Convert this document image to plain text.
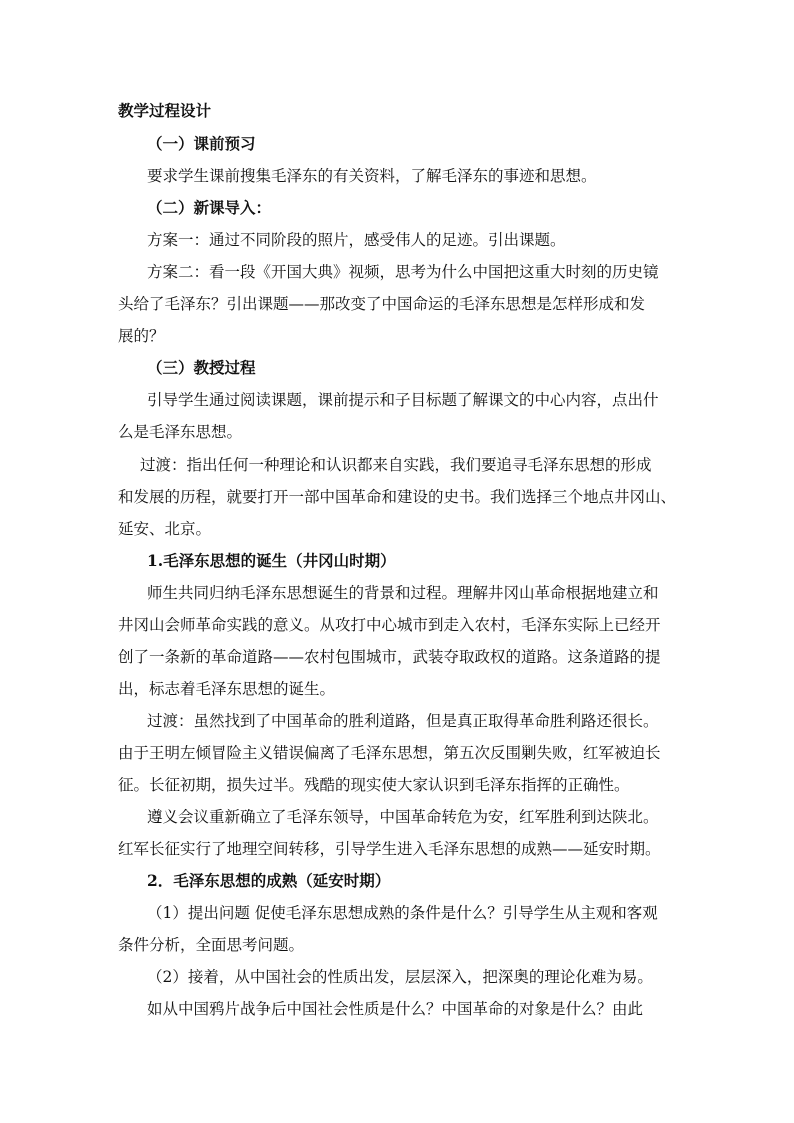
教学过程设计
（一）课前预习
要求学生课前搜集毛泽东的有关资料，了解毛泽东的事迹和思想。
（二）新课导入：
方案一：通过不同阶段的照片，感受伟人的足迹。引出课题。
方案二：看一段《开国大典》视频，思考为什么中国把这重大时刻的历史镜
头给了毛泽东？引出课题——那改变了中国命运的毛泽东思想是怎样形成和发
展的？
（三）教授过程
引导学生通过阅读课题，课前提示和子目标题了解课文的中心内容，点出什
么是毛泽东思想。
过渡：指出任何一种理论和认识都来自实践，我们要追寻毛泽东思想的形成
和发展的历程，就要打开一部中国革命和建设的史书。我们选择三个地点井冈山、
延安、北京。
1.毛泽东思想的诞生（井冈山时期）
师生共同归纳毛泽东思想诞生的背景和过程。理解井冈山革命根据地建立和
井冈山会师革命实践的意义。从攻打中心城市到走入农村，毛泽东实际上已经开
创了一条新的革命道路——农村包围城市，武装夺取政权的道路。这条道路的提
出，标志着毛泽东思想的诞生。
过渡：虽然找到了中国革命的胜利道路，但是真正取得革命胜利路还很长。
由于王明左倾冒险主义错误偏离了毛泽东思想，第五次反围剿失败，红军被迫长
征。长征初期，损失过半。残酷的现实使大家认识到毛泽东指挥的正确性。
遵义会议重新确立了毛泽东领导，中国革命转危为安，红军胜利到达陕北。
红军长征实行了地理空间转移，引导学生进入毛泽东思想的成熟——延安时期。
2．毛泽东思想的成熟（延安时期）
（1）提出问题 促使毛泽东思想成熟的条件是什么？引导学生从主观和客观
条件分析，全面思考问题。
（2）接着，从中国社会的性质出发，层层深入，把深奥的理论化难为易。
如从中国鸦片战争后中国社会性质是什么？中国革命的对象是什么？由此
